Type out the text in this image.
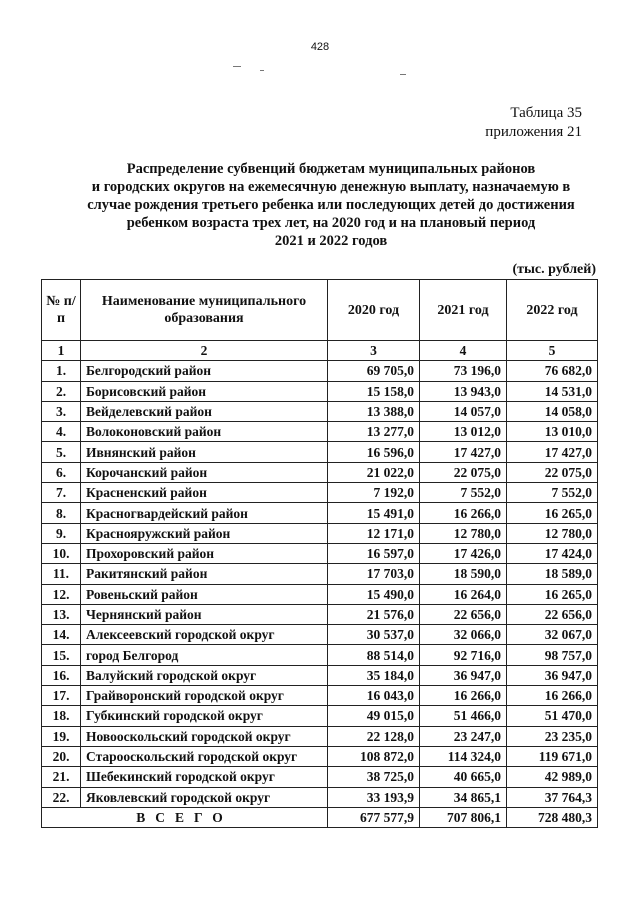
428
Таблица 35
приложения 21
Распределение субвенций бюджетам муниципальных районов
и городских округов на ежемесячную денежную выплату, назначаемую в
случае рождения третьего ребенка или последующих детей до достижения
ребенком возраста трех лет, на 2020 год и на плановый период
2021 и 2022 годов
(тыс. рублей)
№ п/п	Наименование муниципального образования	2020 год	2021 год	2022 год
1	2	3	4	5
1.	Белгородский район	69 705,0	73 196,0	76 682,0
2.	Борисовский район	15 158,0	13 943,0	14 531,0
3.	Вейделевский район	13 388,0	14 057,0	14 058,0
4.	Волоконовский район	13 277,0	13 012,0	13 010,0
5.	Ивнянский район	16 596,0	17 427,0	17 427,0
6.	Корочанский район	21 022,0	22 075,0	22 075,0
7.	Красненский район	7 192,0	7 552,0	7 552,0
8.	Красногвардейский район	15 491,0	16 266,0	16 265,0
9.	Краснояружский район	12 171,0	12 780,0	12 780,0
10.	Прохоровский район	16 597,0	17 426,0	17 424,0
11.	Ракитянский район	17 703,0	18 590,0	18 589,0
12.	Ровеньский район	15 490,0	16 264,0	16 265,0
13.	Чернянский район	21 576,0	22 656,0	22 656,0
14.	Алексеевский городской округ	30 537,0	32 066,0	32 067,0
15.	город Белгород	88 514,0	92 716,0	98 757,0
16.	Валуйский городской округ	35 184,0	36 947,0	36 947,0
17.	Грайворонский городской округ	16 043,0	16 266,0	16 266,0
18.	Губкинский городской округ	49 015,0	51 466,0	51 470,0
19.	Новооскольский городской округ	22 128,0	23 247,0	23 235,0
20.	Старооскольский городской округ	108 872,0	114 324,0	119 671,0
21.	Шебекинский городской округ	38 725,0	40 665,0	42 989,0
22.	Яковлевский городской округ	33 193,9	34 865,1	37 764,3
ВСЕГО		677 577,9	707 806,1	728 480,3
